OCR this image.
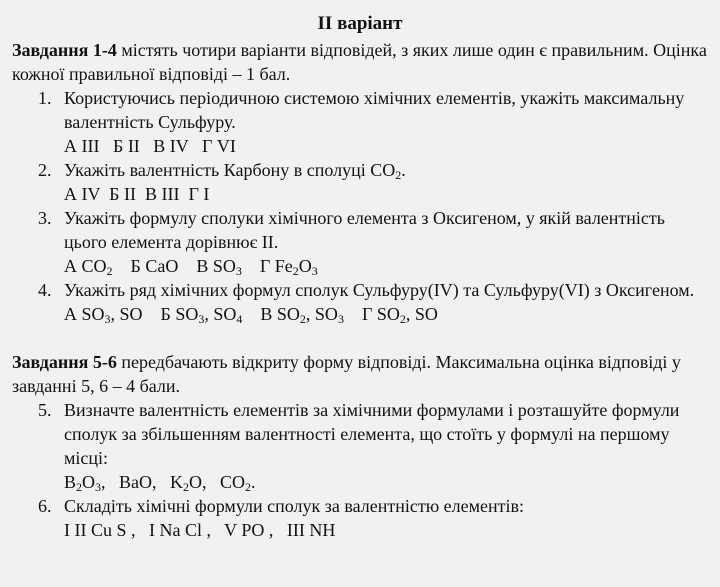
II варіант
Завдання 1-4 містять чотири варіанти відповідей, з яких лише один є правильним. Оцінка кожної правильної відповіді – 1 бал.
1. Користуючись періодичною системою хімічних елементів, укажіть максимальну валентність Сульфуру.
А ІІІ   Б ІІ   В ІV   Г VІ
2. Укажіть валентність Карбону в сполуці $CO_2$.
А ІV  Б ІІ  В ІІІ  Г І
3. Укажіть формулу сполуки хімічного елемента з Оксигеном, у якій валентність цього елемента дорівнює ІІ.
А $CO_2$ Б CaO В $SO_3$ Г $Fe_2O_3$
4. Укажіть ряд хімічних формул сполук Сульфуру(IV) та Сульфуру(VI) з Оксигеном.
А $SO_3$, SO Б $SO_3$, $SO_4$ В $SO_2$, $SO_3$ Г $SO_2$, SO
Завдання 5-6 передбачають відкриту форму відповіді. Максимальна оцінка відповіді у завданні 5, 6 – 4 бали.
5. Визначте валентність елементів за хімічними формулами і розташуйте формули сполук за збільшенням валентності елемента, що стоїть у формулі на першому місці:
$B_2O_3$, BaO, $K_2O$, $CO_2$.
6. Складіть хімічні формули сполук за валентністю елементів:
І ІІ Cu S ,   І Na Cl ,   V PO ,   ІІІ NH
